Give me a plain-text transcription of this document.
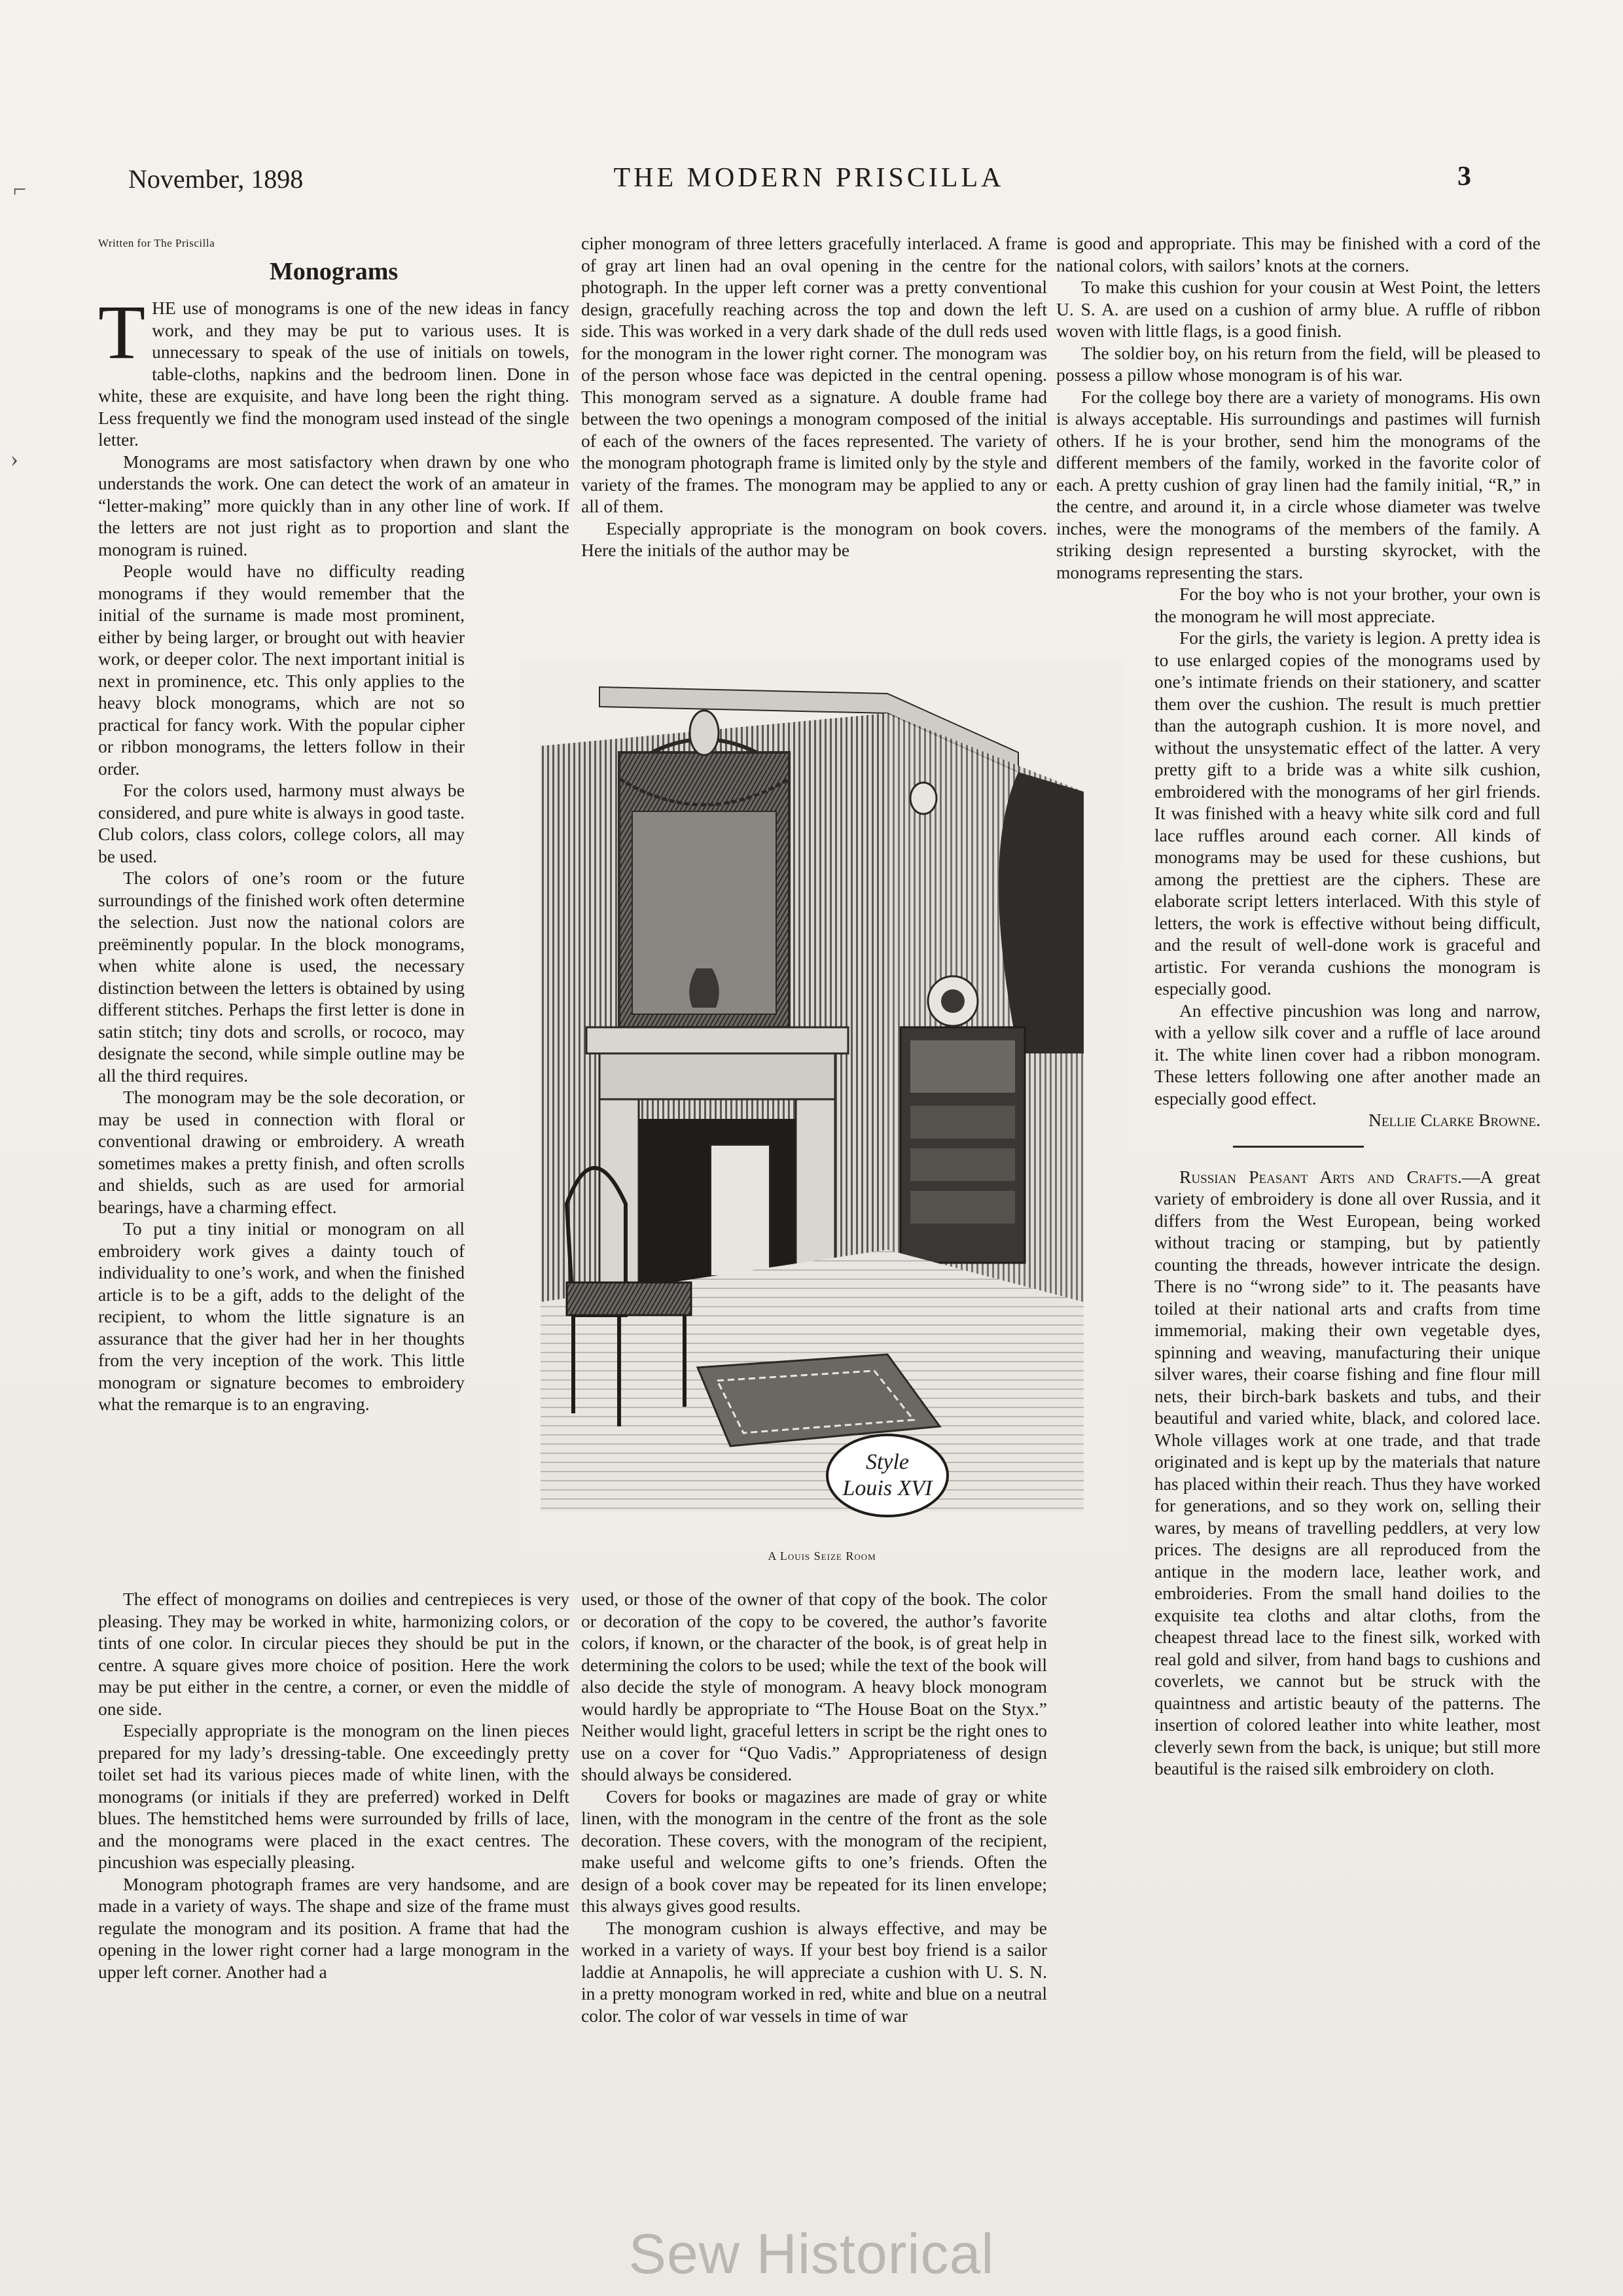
November, 1898	THE MODERN PRISCILLA	3
⌐
›
Written for The Priscilla
Monograms

THE use of monograms is one of the new ideas in fancy work, and they may be put to various uses. It is unnecessary to speak of the use of initials on towels, table-cloths, napkins and the bedroom linen. Done in white, these are exquisite, and have long been the right thing. Less frequently we find the monogram used instead of the single letter.

Monograms are most satisfactory when drawn by one who understands the work. One can detect the work of an amateur in “letter-making” more quickly than in any other line of work. If the letters are not just right as to proportion and slant the monogram is ruined.

People would have no difficulty reading monograms if they would remember that the initial of the surname is made most prominent, either by being larger, or brought out with heavier work, or deeper color. The next important initial is next in prominence, etc. This only applies to the heavy block monograms, which are not so practical for fancy work. With the popular cipher or ribbon monograms, the letters follow in their order.

For the colors used, harmony must always be considered, and pure white is always in good taste. Club colors, class colors, college colors, all may be used.

The colors of one’s room or the future surroundings of the finished work often determine the selection. Just now the national colors are preëminently popular. In the block monograms, when white alone is used, the necessary distinction between the letters is obtained by using different stitches. Perhaps the first letter is done in satin stitch; tiny dots and scrolls, or rococo, may designate the second, while simple outline may be all the third requires.

The monogram may be the sole decoration, or may be used in connection with floral or conventional drawing or embroidery. A wreath sometimes makes a pretty finish, and often scrolls and shields, such as are used for armorial bearings, have a charming effect.

To put a tiny initial or monogram on all embroidery work gives a dainty touch of individuality to one’s work, and when the finished article is to be a gift, adds to the delight of the recipient, to whom the little signature is an assurance that the giver had her in her thoughts from the very inception of the work. This little monogram or signature becomes to embroidery what the remarque is to an engraving.

The effect of monograms on doilies and centrepieces is very pleasing. They may be worked in white, harmonizing colors, or tints of one color. In circular pieces they should be put in the centre. A square gives more choice of position. Here the work may be put either in the centre, a corner, or even the middle of one side.

Especially appropriate is the monogram on the linen pieces prepared for my lady’s dressing-table. One exceedingly pretty toilet set had its various pieces made of white linen, with the monograms (or initials if they are preferred) worked in Delft blues. The hemstitched hems were surrounded by frills of lace, and the monograms were placed in the exact centres. The pincushion was especially pleasing.

Monogram photograph frames are very handsome, and are made in a variety of ways. The shape and size of the frame must regulate the monogram and its position. A frame that had the opening in the lower right corner had a large monogram in the upper left corner. Another had a

cipher monogram of three letters gracefully interlaced. A frame of gray art linen had an oval opening in the centre for the photograph. In the upper left corner was a pretty conventional design, gracefully reaching across the top and down the left side. This was worked in a very dark shade of the dull reds used for the monogram in the lower right corner. The monogram was of the person whose face was depicted in the central opening. This monogram served as a signature. A double frame had between the two openings a monogram composed of the initial of each of the owners of the faces represented. The variety of the monogram photograph frame is limited only by the style and variety of the frames. The monogram may be applied to any or all of them.

Especially appropriate is the monogram on book covers. Here the initials of the author may be

Style
Louis XVI
A Louis Seize Room

used, or those of the owner of that copy of the book. The color or decoration of the copy to be covered, the author’s favorite colors, if known, or the character of the book, is of great help in determining the colors to be used; while the text of the book will also decide the style of monogram. A heavy block monogram would hardly be appropriate to “The House Boat on the Styx.” Neither would light, graceful letters in script be the right ones to use on a cover for “Quo Vadis.” Appropriateness of design should always be considered.

Covers for books or magazines are made of gray or white linen, with the monogram in the centre of the front as the sole decoration. These covers, with the monogram of the recipient, make useful and welcome gifts to one’s friends. Often the design of a book cover may be repeated for its linen envelope; this always gives good results.

The monogram cushion is always effective, and may be worked in a variety of ways. If your best boy friend is a sailor laddie at Annapolis, he will appreciate a cushion with U. S. N. in a pretty monogram worked in red, white and blue on a neutral color. The color of war vessels in time of war

is good and appropriate. This may be finished with a cord of the national colors, with sailors’ knots at the corners.

To make this cushion for your cousin at West Point, the letters U. S. A. are used on a cushion of army blue. A ruffle of ribbon woven with little flags, is a good finish.

The soldier boy, on his return from the field, will be pleased to possess a pillow whose monogram is of his war.

For the college boy there are a variety of monograms. His own is always acceptable. His surroundings and pastimes will furnish others. If he is your brother, send him the monograms of the different members of the family, worked in the favorite color of each. A pretty cushion of gray linen had the family initial, “R,” in the centre, and around it, in a circle whose diameter was twelve inches, were the monograms of the members of the family. A striking design represented a bursting skyrocket, with the monograms representing the stars.

For the boy who is not your brother, your own is the monogram he will most appreciate.

For the girls, the variety is legion. A pretty idea is to use enlarged copies of the monograms used by one’s intimate friends on their stationery, and scatter them over the cushion. The result is much prettier than the autograph cushion. It is more novel, and without the unsystematic effect of the latter. A very pretty gift to a bride was a white silk cushion, embroidered with the monograms of her girl friends. It was finished with a heavy white silk cord and full lace ruffles around each corner. All kinds of monograms may be used for these cushions, but among the prettiest are the ciphers. These are elaborate script letters interlaced. With this style of letters, the work is effective without being difficult, and the result of well-done work is graceful and artistic. For veranda cushions the monogram is especially good.

An effective pincushion was long and narrow, with a yellow silk cover and a ruffle of lace around it. The white linen cover had a ribbon monogram. These letters following one after another made an especially good effect.

Nellie Clarke Browne.

Russian Peasant Arts and Crafts.—A great variety of embroidery is done all over Russia, and it differs from the West European, being worked without tracing or stamping, but by patiently counting the threads, however intricate the design. There is no “wrong side” to it. The peasants have toiled at their national arts and crafts from time immemorial, making their own vegetable dyes, spinning and weaving, manufacturing their unique silver wares, their coarse fishing and fine flour mill nets, their birch-bark baskets and tubs, and their beautiful and varied white, black, and colored lace. Whole villages work at one trade, and that trade originated and is kept up by the materials that nature has placed within their reach. Thus they have worked for generations, and so they work on, selling their wares, by means of travelling peddlers, at very low prices. The designs are all reproduced from the antique in the modern lace, leather work, and embroideries. From the small hand doilies to the exquisite tea cloths and altar cloths, from the cheapest thread lace to the finest silk, worked with real gold and silver, from hand bags to cushions and coverlets, we cannot but be struck with the quaintness and artistic beauty of the patterns. The insertion of colored leather into white leather, most cleverly sewn from the back, is unique; but still more beautiful is the raised silk embroidery on cloth.

Sew Historical
